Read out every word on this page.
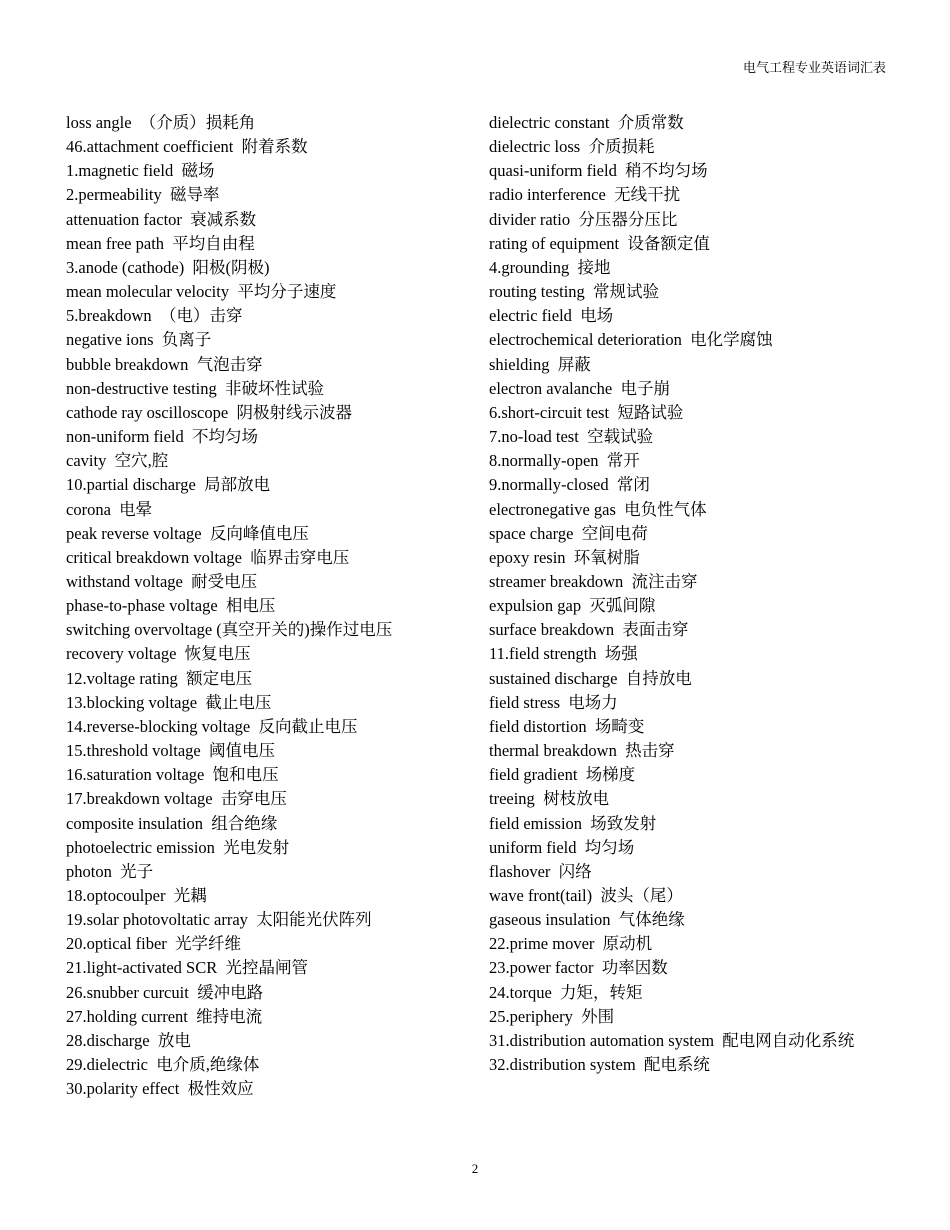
电气工程专业英语词汇表
loss angle （介质）损耗角
46.attachment coefficient 附着系数
1.magnetic field 磁场
2.permeability 磁导率
attenuation factor 衰减系数
mean free path 平均自由程
3.anode (cathode) 阳极(阴极)
mean molecular velocity 平均分子速度
5.breakdown （电）击穿
negative ions 负离子
bubble breakdown 气泡击穿
non-destructive testing 非破坏性试验
cathode ray oscilloscope 阴极射线示波器
non-uniform field 不均匀场
cavity 空穴,腔
10.partial discharge 局部放电
corona 电晕
peak reverse voltage 反向峰值电压
critical breakdown voltage 临界击穿电压
withstand voltage 耐受电压
phase-to-phase voltage 相电压
switching overvoltage (真空开关的)操作过电压
recovery voltage 恢复电压
12.voltage rating 额定电压
13.blocking voltage 截止电压
14.reverse-blocking voltage 反向截止电压
15.threshold voltage 阈值电压
16.saturation voltage 饱和电压
17.breakdown voltage 击穿电压
composite insulation 组合绝缘
photoelectric emission 光电发射
photon 光子
18.optocoulper 光耦
19.solar photovoltatic array 太阳能光伏阵列
20.optical fiber 光学纤维
21.light-activated SCR 光控晶闸管
26.snubber curcuit 缓冲电路
27.holding current 维持电流
28.discharge 放电
29.dielectric 电介质,绝缘体
30.polarity effect 极性效应
dielectric constant 介质常数
dielectric loss 介质损耗
quasi-uniform field 稍不均匀场
radio interference 无线干扰
divider ratio 分压器分压比
rating of equipment 设备额定值
4.grounding 接地
routing testing 常规试验
electric field 电场
electrochemical deterioration 电化学腐蚀
shielding 屏蔽
electron avalanche 电子崩
6.short-circuit test 短路试验
7.no-load test 空载试验
8.normally-open 常开
9.normally-closed 常闭
electronegative gas 电负性气体
space charge 空间电荷
epoxy resin 环氧树脂
streamer breakdown 流注击穿
expulsion gap 灭弧间隙
surface breakdown 表面击穿
11.field strength 场强
sustained discharge 自持放电
field stress 电场力
field distortion 场畸变
thermal breakdown 热击穿
field gradient 场梯度
treeing 树枝放电
field emission 场致发射
uniform field 均匀场
flashover 闪络
wave front(tail) 波头（尾）
gaseous insulation 气体绝缘
22.prime mover 原动机
23.power factor 功率因数
24.torque 力矩，转矩
25.periphery 外围
31.distribution automation system 配电网自动化系统
32.distribution system 配电系统
2
